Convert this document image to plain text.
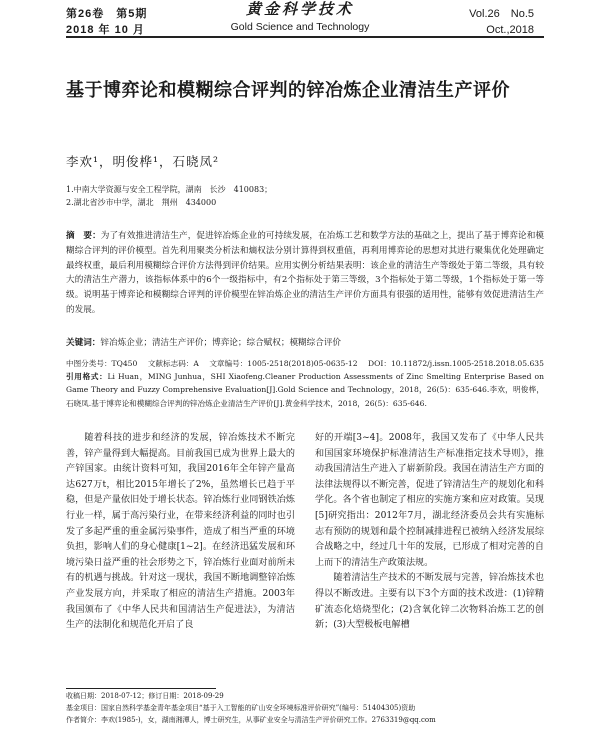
第26卷　第5期
2018 年 10 月
黄金科学技术
Gold Science and Technology
Vol.26　No.5
Oct.,2018
基于博弈论和模糊综合评判的锌冶炼企业清洁生产评价
李欢¹，明俊桦¹，石晓凤²
1.中南大学资源与安全工程学院，湖南　长沙　410083；
2.湖北省沙市中学，湖北　荆州　434000
摘　要：为了有效推进清洁生产，促进锌冶炼企业的可持续发展，在冶炼工艺和数学方法的基础之上，提出了基于博弈论和模糊综合评判的评价模型。首先利用聚类分析法和熵权法分别计算得到权重值，再利用博弈论的思想对其进行聚集优化处理确定最终权重，最后利用模糊综合评价方法得到评价结果。应用实例分析结果表明：该企业的清洁生产等级处于第二等级，具有较大的清洁生产潜力，该指标体系中的6个一级指标中，有2个指标处于第三等级，3个指标处于第二等级，1个指标处于第一等级。说明基于博弈论和模糊综合评判的评价模型在锌冶炼企业的清洁生产评价方面具有很强的适用性，能够有效促进清洁生产的发展。
关键词：锌冶炼企业；清洁生产评价；博弈论；综合赋权；模糊综合评价
中图分类号：TQ450 文献标志码：A 文章编号：1005-2518(2018)05-0635-12 DOI：10.11872/j.issn.1005-2518.2018.05.635
引用格式：Li Huan，MING Junhua，SHI Xiaofeng.Cleaner Production Assessments of Zinc Smelting Enterprise Based on Game Theory and Fuzzy Comprehensive Evaluation[J].Gold Science and Technology，2018，26(5)：635-646.李欢，明俊桦，石晓凤.基于博弈论和模糊综合评判的锌冶炼企业清洁生产评价[J].黄金科学技术，2018，26(5)：635-646.

随着科技的进步和经济的发展，锌冶炼技术不断完善，锌产量得到大幅提高。目前我国已成为世界上最大的产锌国家。由统计资料可知，我国2016年全年锌产量高达627万t，相比2015年增长了2%，虽然增长已趋于平稳，但是产量依旧处于增长状态。锌冶炼行业同钢铁冶炼行业一样，属于高污染行业，在带来经济利益的同时也引发了多起严重的重金属污染事件，造成了相当严重的环境负担，影响人们的身心健康[1~2]。在经济迅猛发展和环境污染日益严重的社会形势之下，锌冶炼行业面对前所未有的机遇与挑战。针对这一现状，我国不断地调整锌冶炼产业发展方向，并采取了相应的清洁生产措施。2003年我国颁布了《中华人民共和国清洁生产促进法》，为清洁生产的法制化和规范化开启了良

好的开端[3~4]。2008年，我国又发布了《中华人民共和国国家环境保护标准清洁生产标准指定技术导则》，推动我国清洁生产进入了崭新阶段。我国在清洁生产方面的法律法规得以不断完善，促进了锌清洁生产的规划化和科学化。各个省也制定了相应的实施方案和应对政策。吴现[5]研究指出：2012年7月，湖北经济委员会共有实施标志有预防的规划和最个控制减排进程已被纳入经济发展综合战略之中，经过几十年的发展，已形成了相对完善的自上而下的清洁生产政策法规。

随着清洁生产技术的不断发展与完善，锌冶炼技术也得以不断改进。主要有以下3个方面的技术改进：(1)锌精矿流态化焙烧型化；(2)含氧化锌二次物料冶炼工艺的创新；(3)大型极板电解槽

收稿日期：2018-07-12；修订日期：2018-09-29
基金项目：国家自然科学基金青年基金项目“基于入工智能的矿山安全环境标准评价研究”(编号：51404305)资助
作者简介：李欢(1985-)，女，湖南湘潭人，博士研究生，从事矿业安全与清洁生产评价研究工作。2763319@qq.com
